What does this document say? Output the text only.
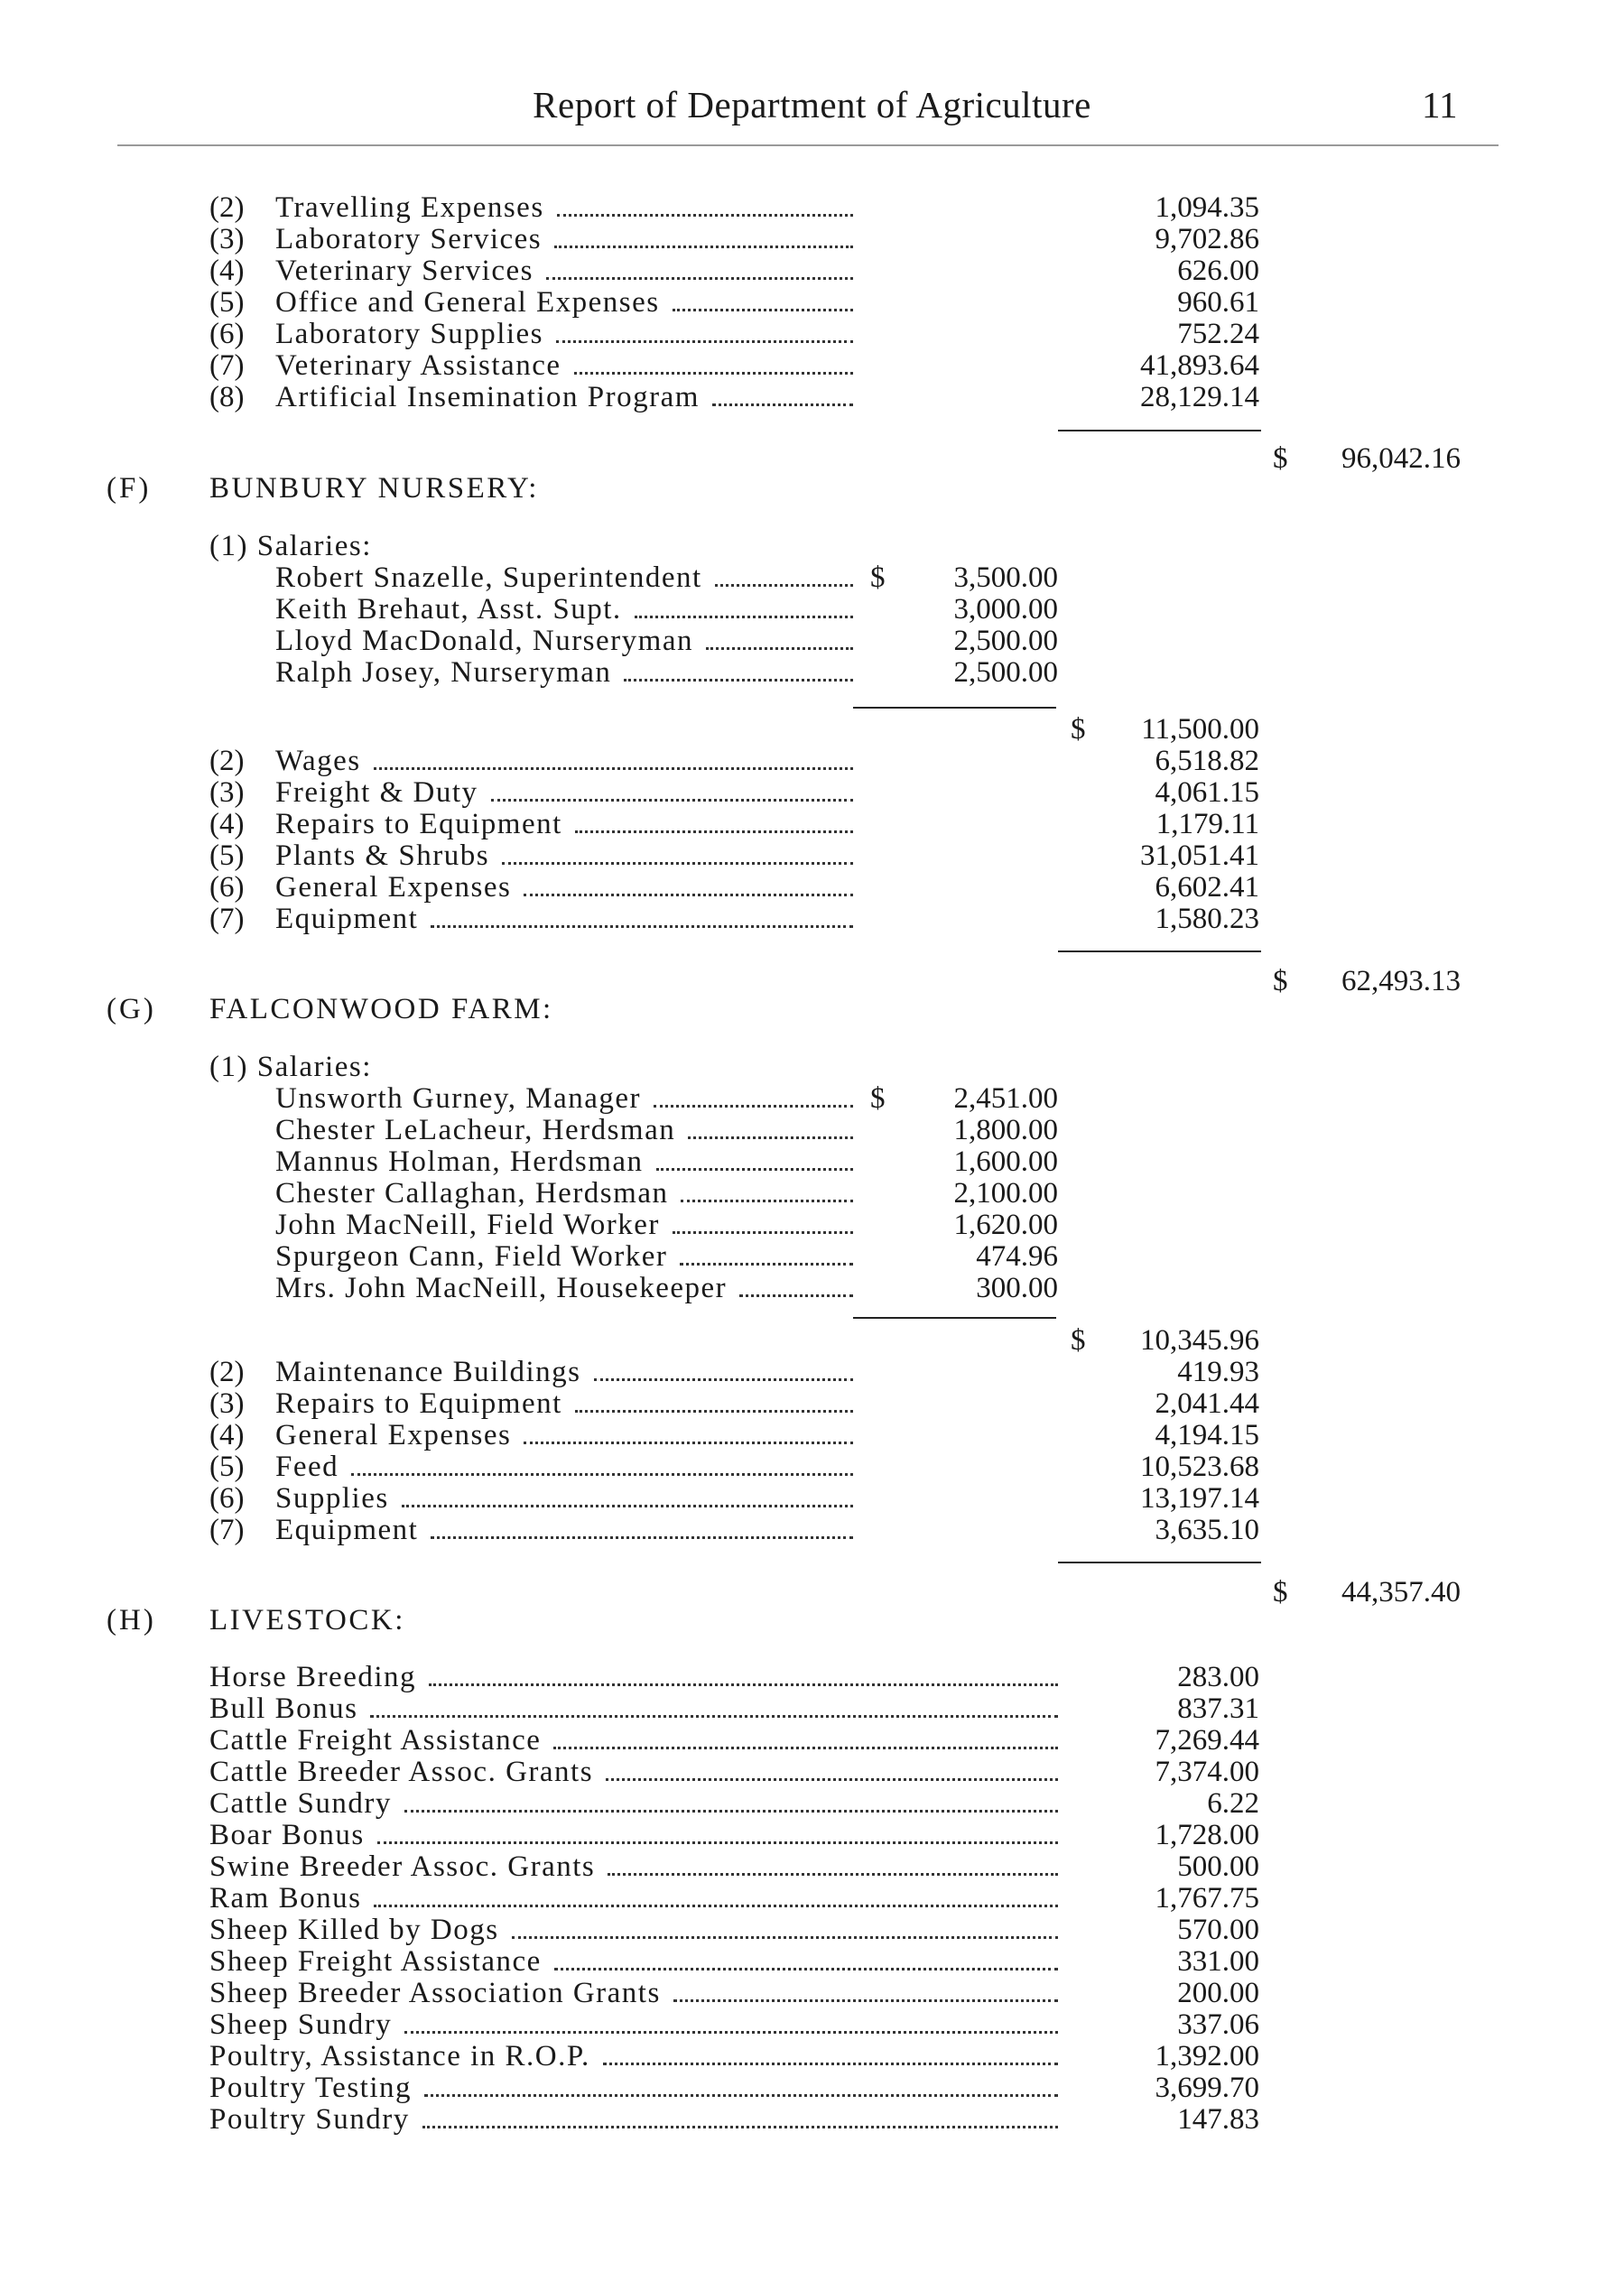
Report of Department of Agriculture	11
(2)	Travelling Expenses	1,094.35
(3)	Laboratory Services	9,702.86
(4)	Veterinary Services	626.00
(5)	Office and General Expenses	960.61
(6)	Laboratory Supplies	752.24
(7)	Veterinary Assistance	41,893.64
(8)	Artificial Insemination Program	28,129.14
$	96,042.16
(F) BUNBURY NURSERY:
(1) Salaries:
Robert Snazelle, Superintendent	3,500.00
$
Keith Brehaut, Asst. Supt.	3,000.00
Lloyd MacDonald, Nurseryman	2,500.00
Ralph Josey, Nurseryman	2,500.00
$	11,500.00
(2)	Wages	6,518.82
(3)	Freight & Duty	4,061.15
(4)	Repairs to Equipment	1,179.11
(5)	Plants & Shrubs	31,051.41
(6)	General Expenses	6,602.41
(7)	Equipment	1,580.23
$	62,493.13
(G) FALCONWOOD FARM:
(1) Salaries:
Unsworth Gurney, Manager	2,451.00
$
Chester LeLacheur, Herdsman	1,800.00
Mannus Holman, Herdsman	1,600.00
Chester Callaghan, Herdsman	2,100.00
John MacNeill, Field Worker	1,620.00
Spurgeon Cann, Field Worker	474.96
Mrs. John MacNeill, Housekeeper	300.00
$	10,345.96
(2)	Maintenance Buildings	419.93
(3)	Repairs to Equipment	2,041.44
(4)	General Expenses	4,194.15
(5)	Feed	10,523.68
(6)	Supplies	13,197.14
(7)	Equipment	3,635.10
$	44,357.40
(H) LIVESTOCK:
Horse Breeding	283.00
Bull Bonus	837.31
Cattle Freight Assistance	7,269.44
Cattle Breeder Assoc. Grants	7,374.00
Cattle Sundry	6.22
Boar Bonus	1,728.00
Swine Breeder Assoc. Grants	500.00
Ram Bonus	1,767.75
Sheep Killed by Dogs	570.00
Sheep Freight Assistance	331.00
Sheep Breeder Association Grants	200.00
Sheep Sundry	337.06
Poultry, Assistance in R.O.P.	1,392.00
Poultry Testing	3,699.70
Poultry Sundry	147.83
